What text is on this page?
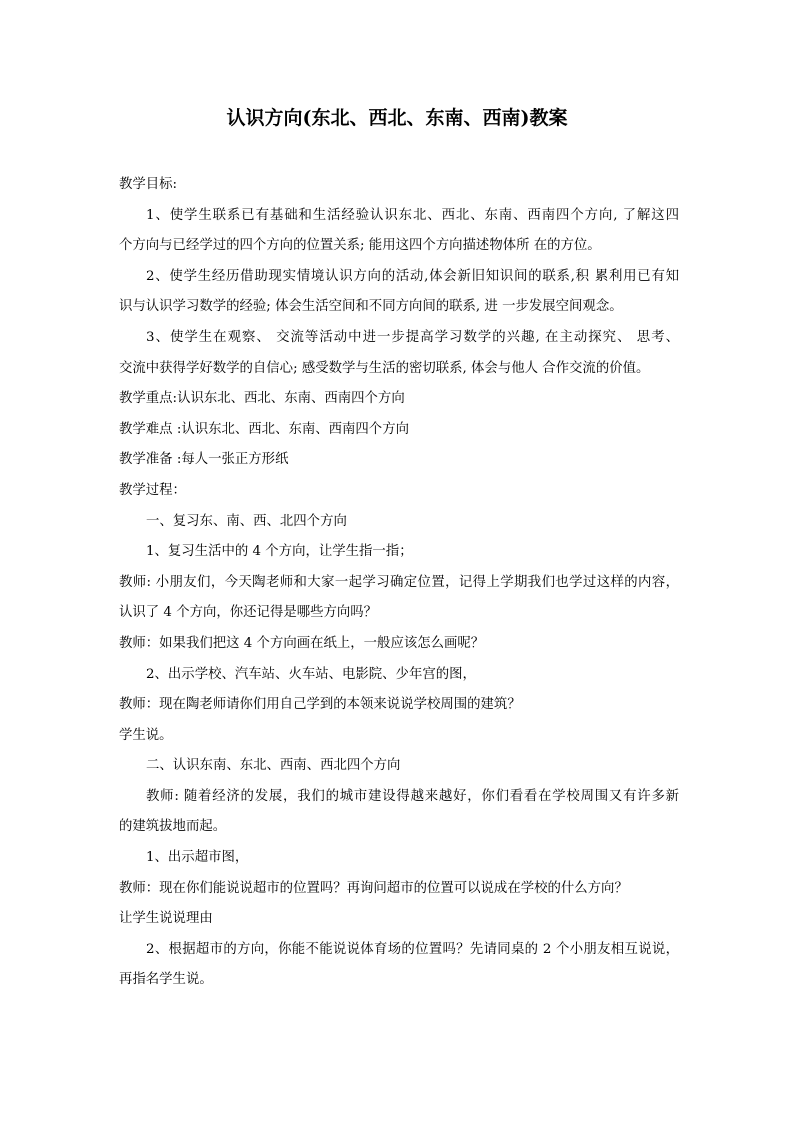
认识方向(东北、西北、东南、西南)教案

教学目标:

1、使学生联系已有基础和生活经验认识东北、西北、东南、西南四个方向, 了解这四

个方向与已经学过的四个方向的位置关系; 能用这四个方向描述物体所 在的方位。

2、使学生经历借助现实情境认识方向的活动,体会新旧知识间的联系,积 累利用已有知

识与认识学习数学的经验; 体会生活空间和不同方向间的联系, 进 一步发展空间观念。

3、使学生在观察、 交流等活动中进一步提高学习数学的兴趣, 在主动探究、 思考、

交流中获得学好数学的自信心; 感受数学与生活的密切联系, 体会与他人 合作交流的价值。

教学重点:认识东北、西北、东南、西南四个方向

教学难点 :认识东北、西北、东南、西南四个方向

教学准备 :每人一张正方形纸

教学过程：

一、复习东、南、西、北四个方向

1、复习生活中的 4 个方向，让学生指一指；

教师: 小朋友们，今天陶老师和大家一起学习确定位置，记得上学期我们也学过这样的内容，

认识了 4 个方向，你还记得是哪些方向吗？

教师：如果我们把这 4 个方向画在纸上，一般应该怎么画呢？

2、出示学校、汽车站、火车站、电影院、少年宫的图，

教师：现在陶老师请你们用自己学到的本领来说说学校周围的建筑？

学生说。

二、认识东南、东北、西南、西北四个方向

教师: 随着经济的发展，我们的城市建设得越来越好，你们看看在学校周围又有许多新

的建筑拔地而起。

1、出示超市图，

教师：现在你们能说说超市的位置吗？再询问超市的位置可以说成在学校的什么方向？

让学生说说理由

2、根据超市的方向，你能不能说说体育场的位置吗？先请同桌的 2 个小朋友相互说说，

再指名学生说。
